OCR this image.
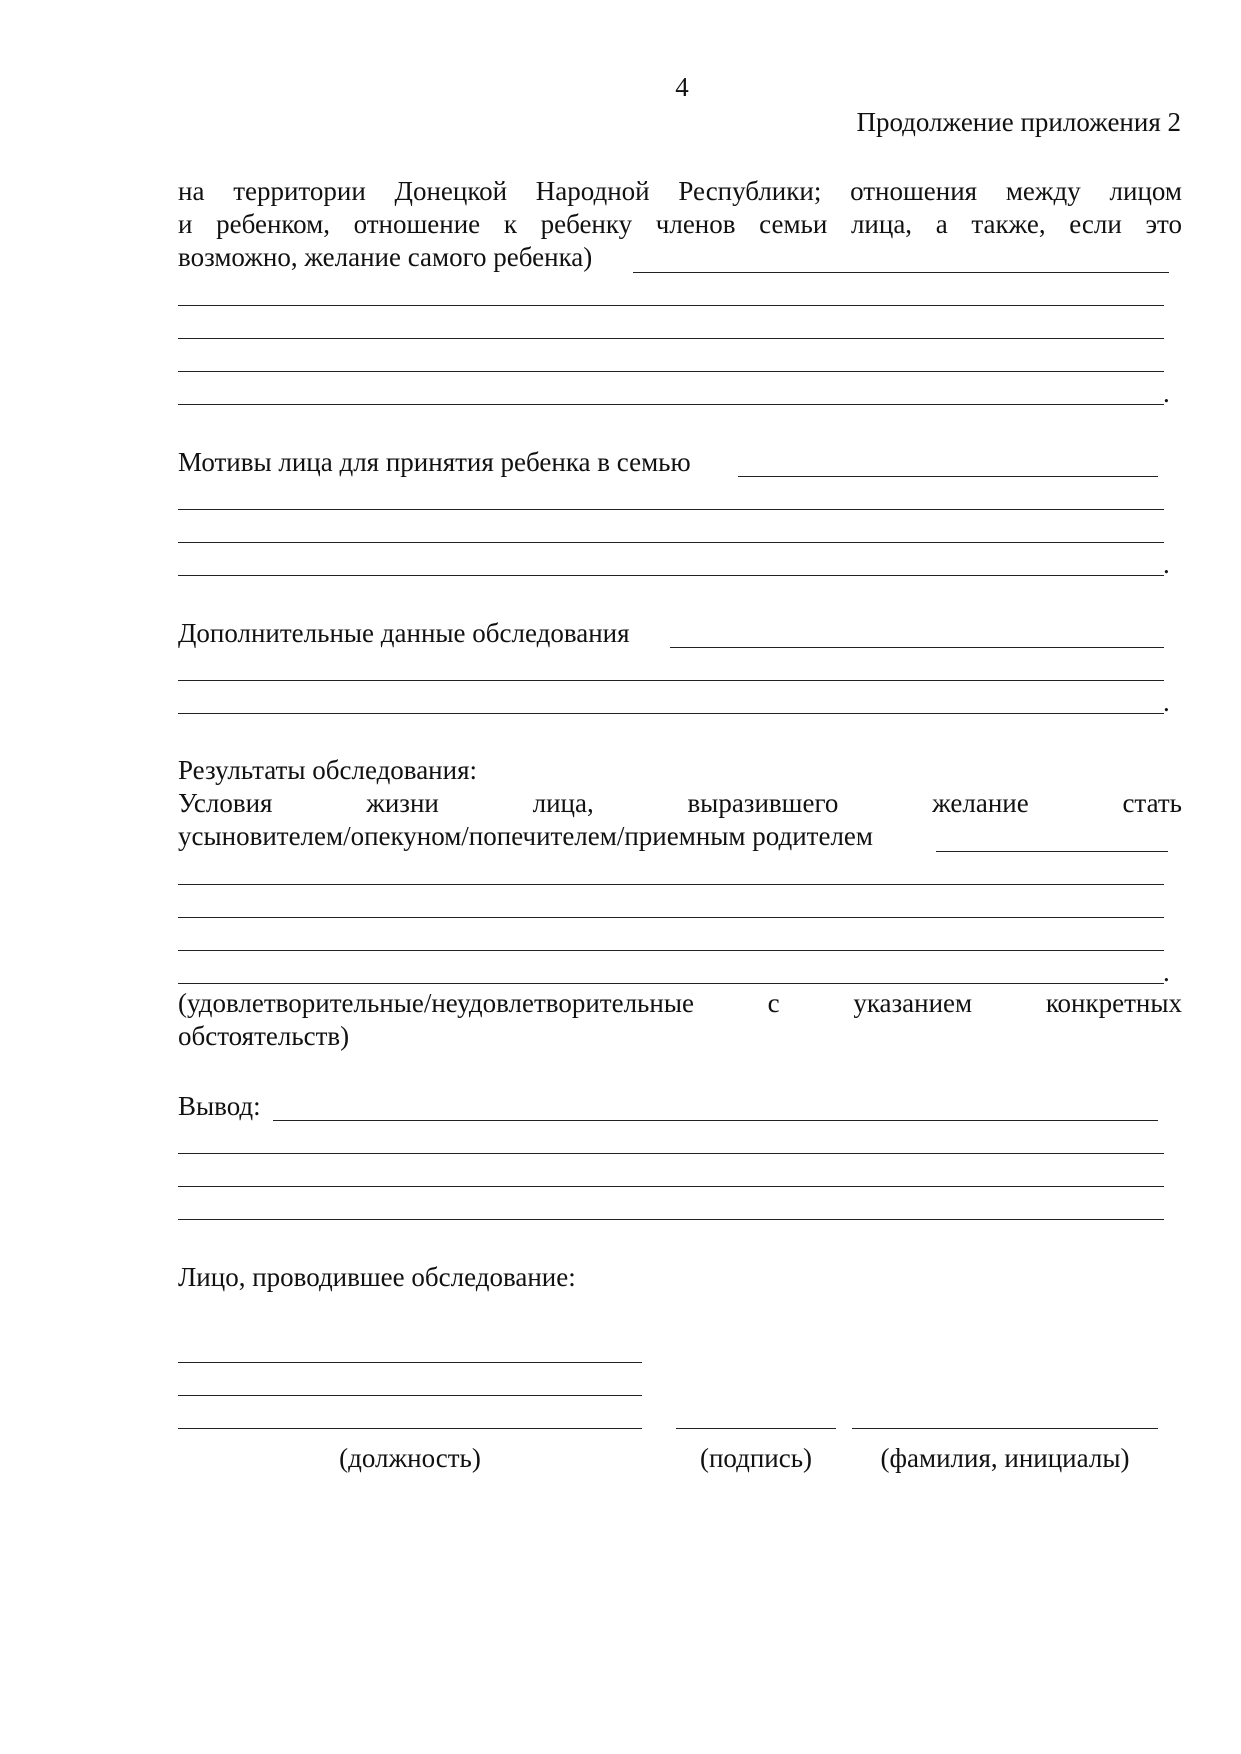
4
Продолжение приложения 2
на территории Донецкой Народной Республики; отношения между лицом
и ребенком, отношение к ребенку членов семьи лица, а также, если это
возможно, желание самого ребенка)
.
Мотивы лица для принятия ребенка в семью
.
Дополнительные данные обследования
.
Результаты обследования:
Условия	жизни	лица,	выразившего	желание	стать
усыновителем/опекуном/попечителем/приемным родителем
.
(удовлетворительные/неудовлетворительные	с	указанием	конкретных
обстоятельств)
Вывод:
Лицо, проводившее обследование:
(должность)	(подпись)	(фамилия, инициалы)
